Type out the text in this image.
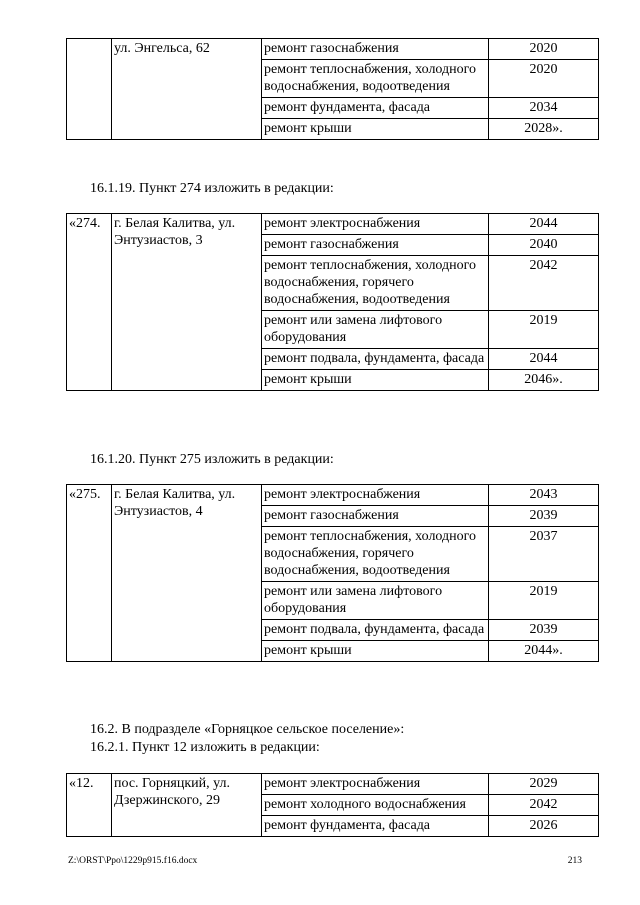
	ул. Энгельса, 62	ремонт газоснабжения	2020
		ремонт теплоснабжения, холодного водоснабжения, водоотведения	2020
		ремонт фундамента, фасада	2034
		ремонт крыши	2028».
16.1.19. Пункт 274 изложить в редакции:
«274.	г. Белая Калитва, ул. Энтузиастов, 3	ремонт электроснабжения	2044
		ремонт газоснабжения	2040
		ремонт теплоснабжения, холодного водоснабжения, горячего водоснабжения, водоотведения	2042
		ремонт или замена лифтового оборудования	2019
		ремонт подвала, фундамента, фасада	2044
		ремонт крыши	2046».
16.1.20. Пункт 275 изложить в редакции:
«275.	г. Белая Калитва, ул. Энтузиастов, 4	ремонт электроснабжения	2043
		ремонт газоснабжения	2039
		ремонт теплоснабжения, холодного водоснабжения, горячего водоснабжения, водоотведения	2037
		ремонт или замена лифтового оборудования	2019
		ремонт подвала, фундамента, фасада	2039
		ремонт крыши	2044».
16.2. В подразделе «Горняцкое сельское поселение»:
16.2.1. Пункт 12 изложить в редакции:
«12.	пос. Горняцкий, ул. Дзержинского, 29	ремонт электроснабжения	2029
		ремонт холодного водоснабжения	2042
		ремонт фундамента, фасада	2026
Z:\ORST\Ppo\1229p915.f16.docx	213
